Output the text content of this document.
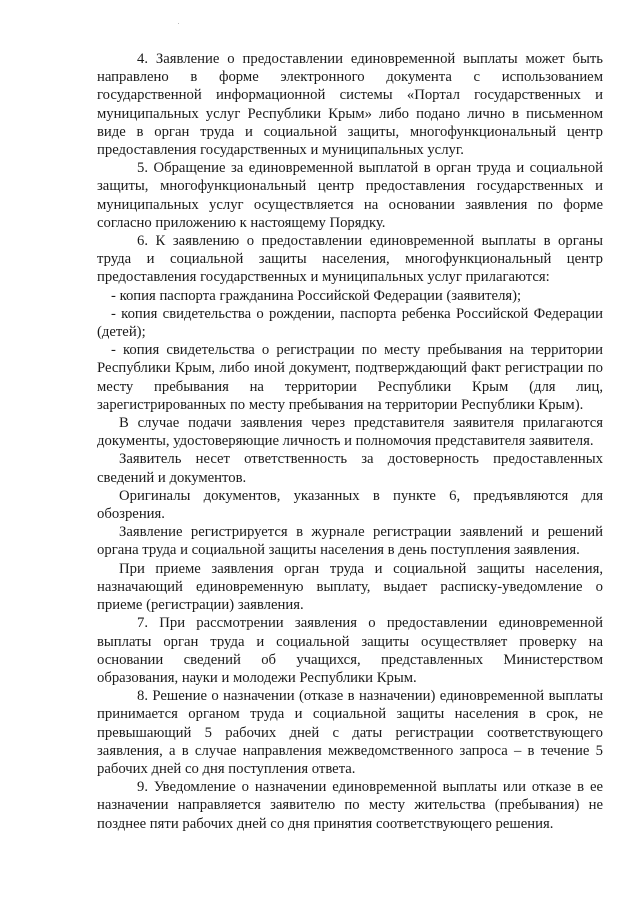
4. Заявление о предоставлении единовременной выплаты может быть направлено в форме электронного документа с использованием государственной информационной системы «Портал государственных и муниципальных услуг Республики Крым» либо подано лично в письменном виде в орган труда и социальной защиты, многофункциональный центр предоставления государственных и муниципальных услуг.

5. Обращение за единовременной выплатой в орган труда и социальной защиты, многофункциональный центр предоставления государственных и муниципальных услуг осуществляется на основании заявления по форме согласно приложению к настоящему Порядку.

6. К заявлению о предоставлении единовременной выплаты в органы труда и социальной защиты населения, многофункциональный центр предоставления государственных и муниципальных услуг прилагаются:

- копия паспорта гражданина Российской Федерации (заявителя);

- копия свидетельства о рождении, паспорта ребенка Российской Федерации (детей);

- копия свидетельства о регистрации по месту пребывания на территории Республики Крым, либо иной документ, подтверждающий факт регистрации по месту пребывания на территории Республики Крым (для лиц, зарегистрированных по месту пребывания на территории Республики Крым).

В случае подачи заявления через представителя заявителя прилагаются документы, удостоверяющие личность и полномочия представителя заявителя.

Заявитель несет ответственность за достоверность предоставленных сведений и документов.

Оригиналы документов, указанных в пункте 6, предъявляются для обозрения.

Заявление регистрируется в журнале регистрации заявлений и решений органа труда и социальной защиты населения в день поступления заявления.

При приеме заявления орган труда и социальной защиты населения, назначающий единовременную выплату, выдает расписку-уведомление о приеме (регистрации) заявления.

7. При рассмотрении заявления о предоставлении единовременной выплаты орган труда и социальной защиты осуществляет проверку на основании сведений об учащихся, представленных Министерством образования, науки и молодежи Республики Крым.

8. Решение о назначении (отказе в назначении) единовременной выплаты принимается органом труда и социальной защиты населения в срок, не превышающий 5 рабочих дней с даты регистрации соответствующего заявления, а в случае направления межведомственного запроса – в течение 5 рабочих дней со дня поступления ответа.

9. Уведомление о назначении единовременной выплаты или отказе в ее назначении направляется заявителю по месту жительства (пребывания) не позднее пяти рабочих дней со дня принятия соответствующего решения.
